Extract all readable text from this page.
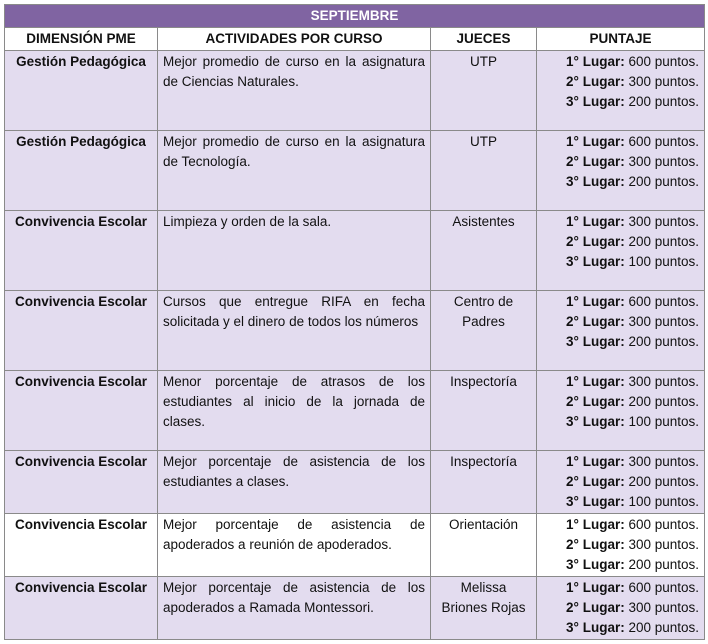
SEPTIEMBRE			
DIMENSIÓN PME	ACTIVIDADES POR CURSO	JUECES	PUNTAJE
Gestión Pedagógica	Mejor promedio de curso en la asignatura de Ciencias Naturales.	UTP	1° Lugar: 600 puntos.
2° Lugar: 300 puntos.
3° Lugar: 200 puntos.

Gestión Pedagógica	Mejor promedio de curso en la asignatura de Tecnología.	UTP	1° Lugar: 600 puntos.
2° Lugar: 300 puntos.
3° Lugar: 200 puntos.

Convivencia Escolar	Limpieza y orden de la sala.	Asistentes	1° Lugar: 300 puntos.
2° Lugar: 200 puntos.
3° Lugar: 100 puntos.

Convivencia Escolar	Cursos que entregue RIFA en fecha solicitada y el dinero de todos los números	Centro de Padres	1° Lugar: 600 puntos.
2° Lugar: 300 puntos.
3° Lugar: 200 puntos.

Convivencia Escolar	Menor porcentaje de atrasos de los estudiantes al inicio de la jornada de clases.	Inspectoría	1° Lugar: 300 puntos.
2° Lugar: 200 puntos.
3° Lugar: 100 puntos.

Convivencia Escolar	Mejor porcentaje de asistencia de los estudiantes a clases.	Inspectoría	1° Lugar: 300 puntos.
2° Lugar: 200 puntos.
3° Lugar: 100 puntos.

Convivencia Escolar	Mejor porcentaje de asistencia de apoderados a reunión de apoderados.	Orientación	1° Lugar: 600 puntos.
2° Lugar: 300 puntos.
3° Lugar: 200 puntos.

Convivencia Escolar	Mejor porcentaje de asistencia de los apoderados a Ramada Montessori.	Melissa Briones Rojas	1° Lugar: 600 puntos.
2° Lugar: 300 puntos.
3° Lugar: 200 puntos.
